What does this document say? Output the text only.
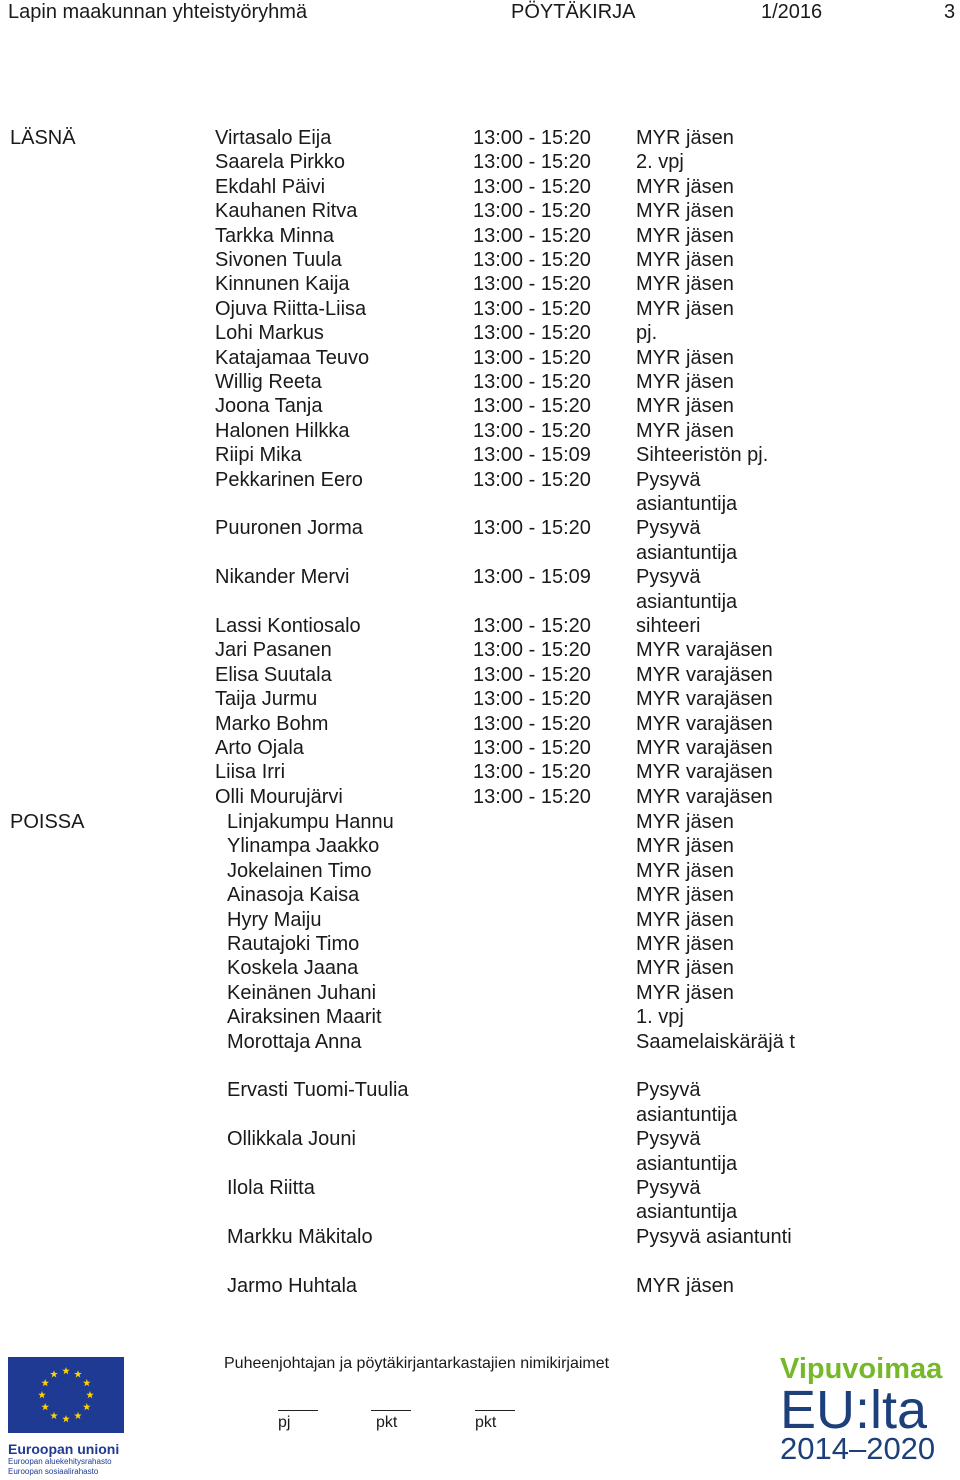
Lapin maakunnan yhteistyöryhmä	PÖYTÄKIRJA	1/2016	3
LÄSNÄ
POISSA
Virtasalo Eija	13:00 - 15:20 MYR jäsen
Saarela Pirkko	13:00 - 15:20 2. vpj
Ekdahl Päivi	13:00 - 15:20 MYR jäsen
Kauhanen Ritva	13:00 - 15:20 MYR jäsen
Tarkka Minna	13:00 - 15:20 MYR jäsen
Sivonen Tuula	13:00 - 15:20 MYR jäsen
Kinnunen Kaija	13:00 - 15:20 MYR jäsen
Ojuva Riitta-Liisa	13:00 - 15:20 MYR jäsen
Lohi Markus	13:00 - 15:20 pj.
Katajamaa Teuvo	13:00 - 15:20 MYR jäsen
Willig Reeta	13:00 - 15:20 MYR jäsen
Joona Tanja	13:00 - 15:20 MYR jäsen
Halonen Hilkka	13:00 - 15:20 MYR jäsen
Riipi Mika	13:00 - 15:09 Sihteeristön pj.
Pekkarinen Eero	13:00 - 15:20 Pysyvä asiantuntija
Puuronen Jorma	13:00 - 15:20 Pysyvä asiantuntija
Nikander Mervi	13:00 - 15:09 Pysyvä asiantuntija
Lassi Kontiosalo	13:00 - 15:20 sihteeri
Jari Pasanen	13:00 - 15:20 MYR varajäsen
Elisa Suutala	13:00 - 15:20 MYR varajäsen
Taija Jurmu	13:00 - 15:20 MYR varajäsen
Marko Bohm	13:00 - 15:20 MYR varajäsen
Arto Ojala	13:00 - 15:20 MYR varajäsen
Liisa Irri	13:00 - 15:20 MYR varajäsen
Olli Mourujärvi	13:00 - 15:20 MYR varajäsen
Linjakumpu Hannu	MYR jäsen
Ylinampa Jaakko	MYR jäsen
Jokelainen Timo	MYR jäsen
Ainasoja Kaisa	MYR jäsen
Hyry Maiju	MYR jäsen
Rautajoki Timo	MYR jäsen
Koskela Jaana	MYR jäsen
Keinänen Juhani	MYR jäsen
Airaksinen Maarit	1. vpj
Morottaja Anna	Saamelaiskäräjä t
Ervasti Tuomi-Tuulia	Pysyvä asiantuntija
Ollikkala Jouni	Pysyvä asiantuntija
Ilola Riitta	Pysyvä asiantuntija
Markku Mäkitalo	Pysyvä asiantunti
Jarmo Huhtala	MYR jäsen
Puheenjohtajan ja pöytäkirjantarkastajien nimikirjaimet
pj	pkt	pkt
Euroopan unioni
Euroopan aluekehitysrahasto
Euroopan sosiaalirahasto
Vipuvoimaa
EU:lta
2014–2020
